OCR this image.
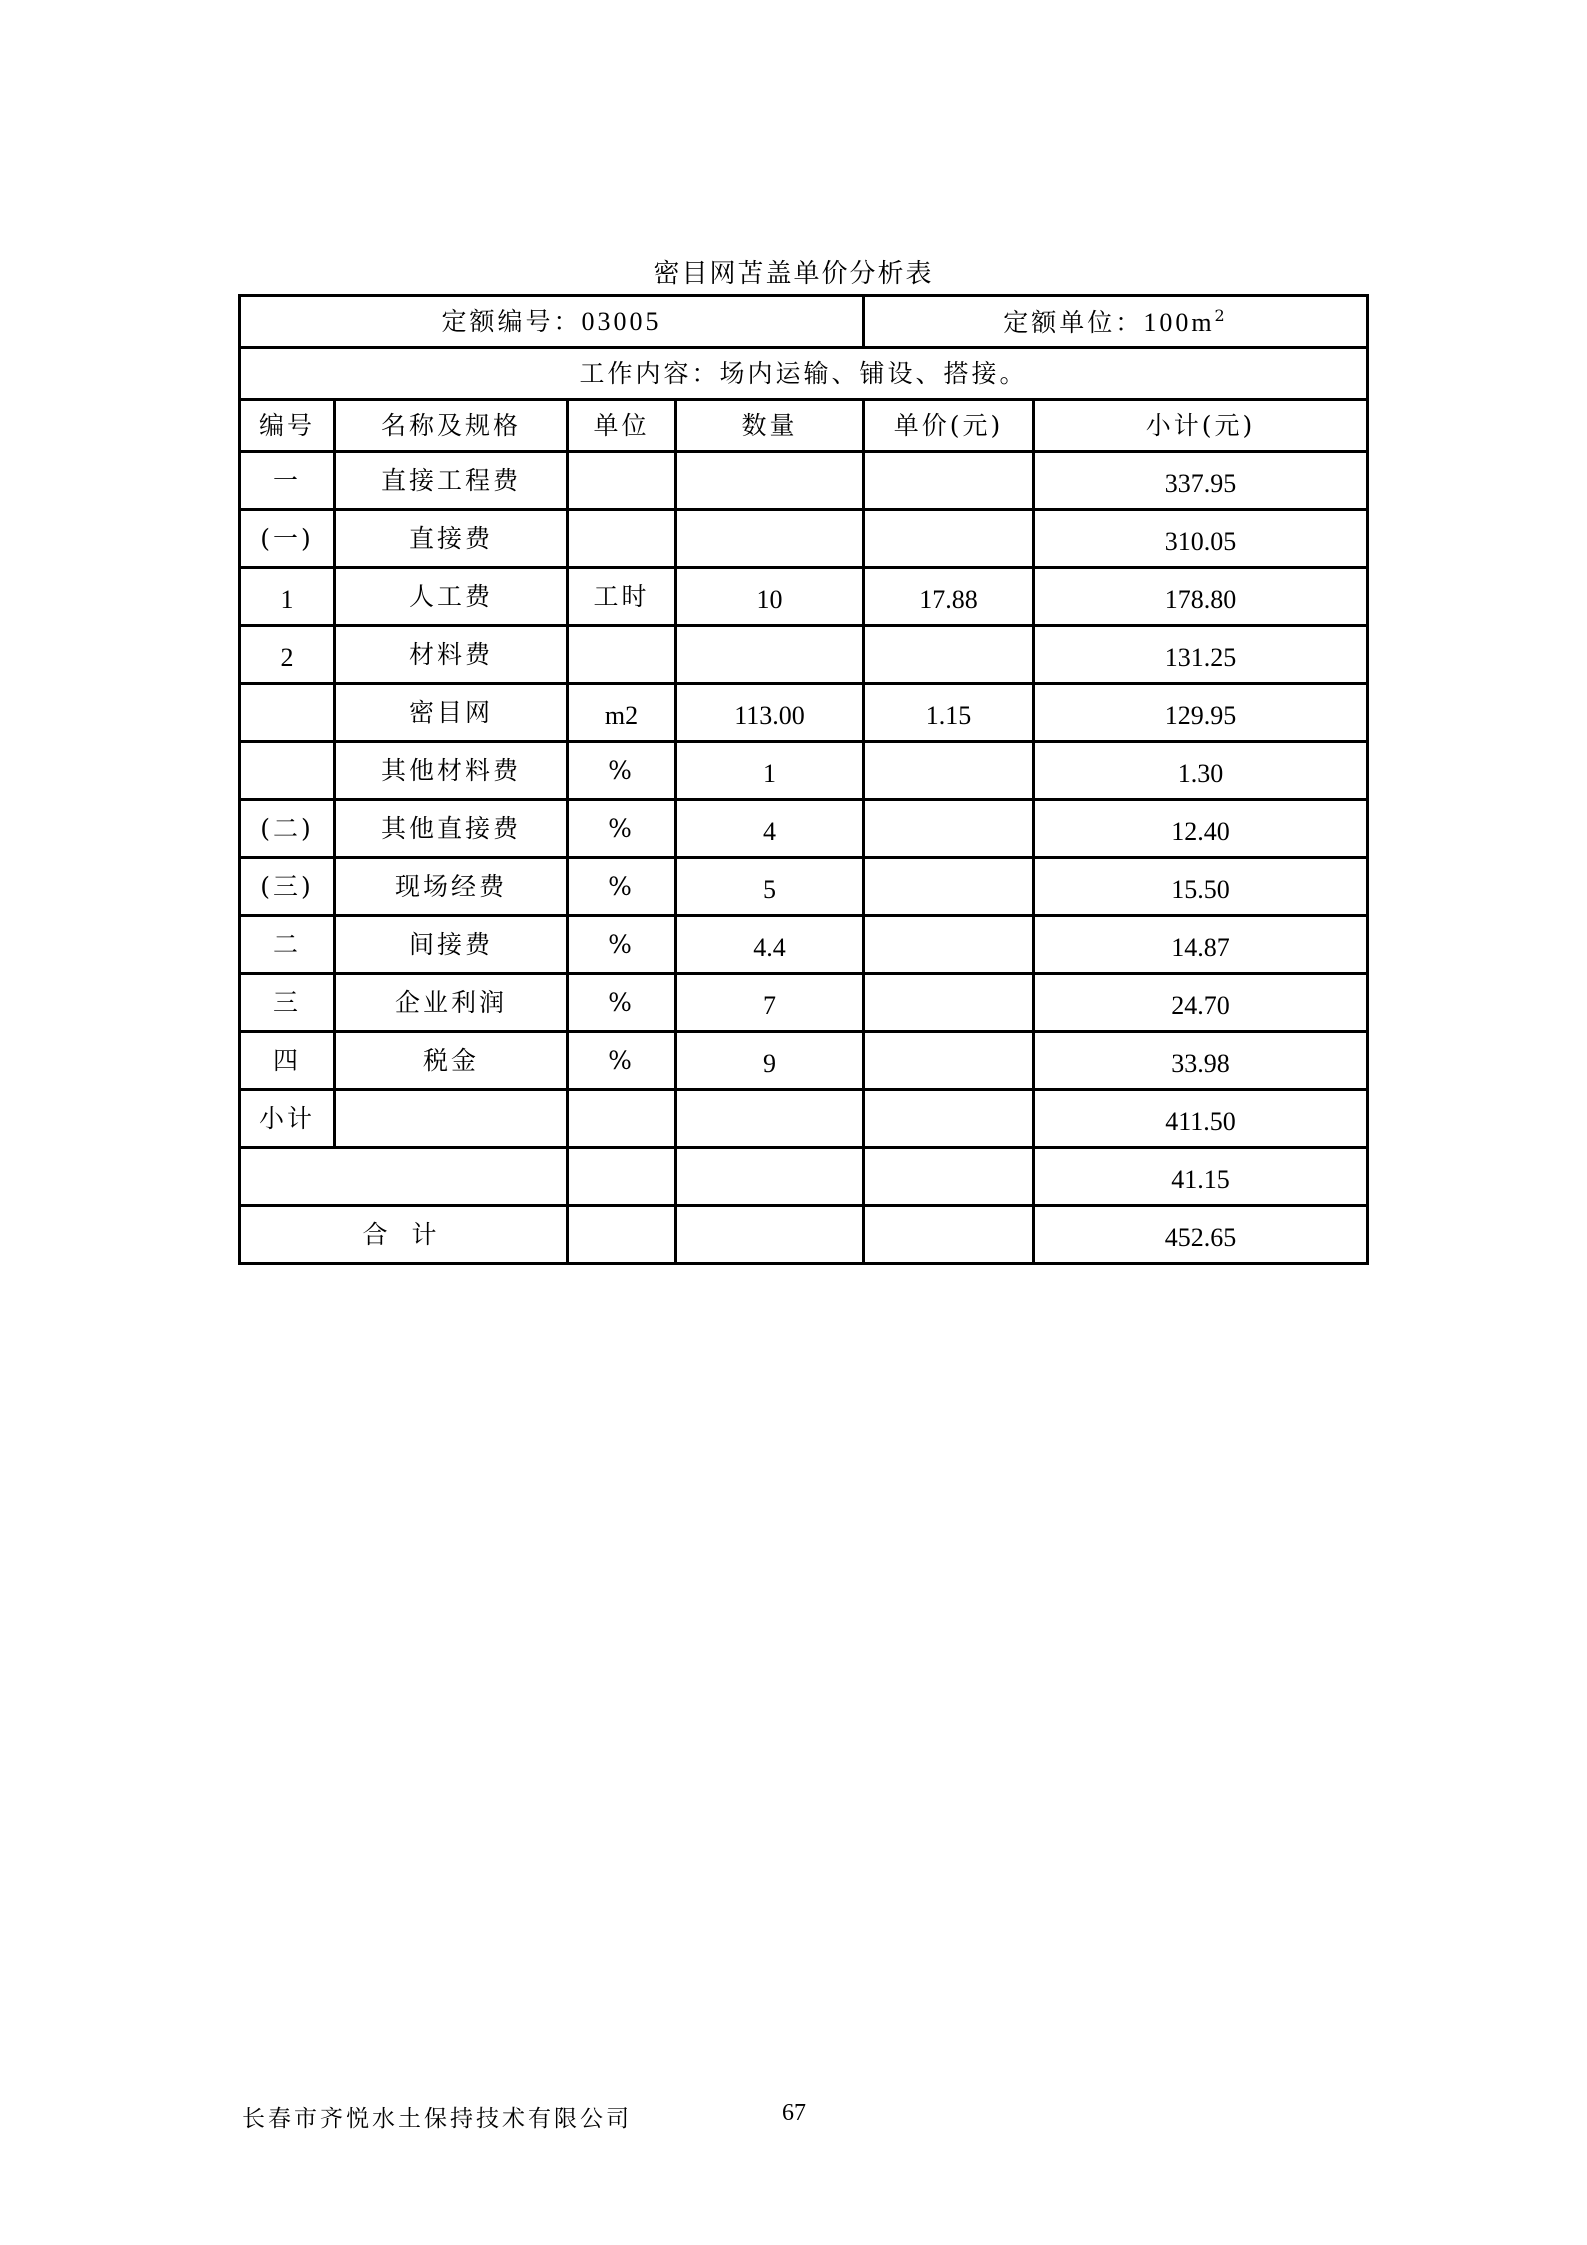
密目网苫盖单价分析表
定额编号：03005				定额单位：$100m^2$
工作内容：场内运输、铺设、搭接。					
编号	名称及规格	单位	数量	单价(元)	小计(元)
一	直接工程费				337.95
(一)	直接费				310.05
1	人工费	工时	10	17.88	178.80
2	材料费				131.25
	密目网	m2	113.00	1.15	129.95
	其他材料费	%	1		1.30
(二)	其他直接费	%	4		12.40
(三)	现场经费	%	5		15.50
二	间接费	%	4.4		14.87
三	企业利润	%	7		24.70
四	税金	%	9		33.98
小计					411.50
					41.15
合 计					452.65
长春市齐悦水土保持技术有限公司	67
